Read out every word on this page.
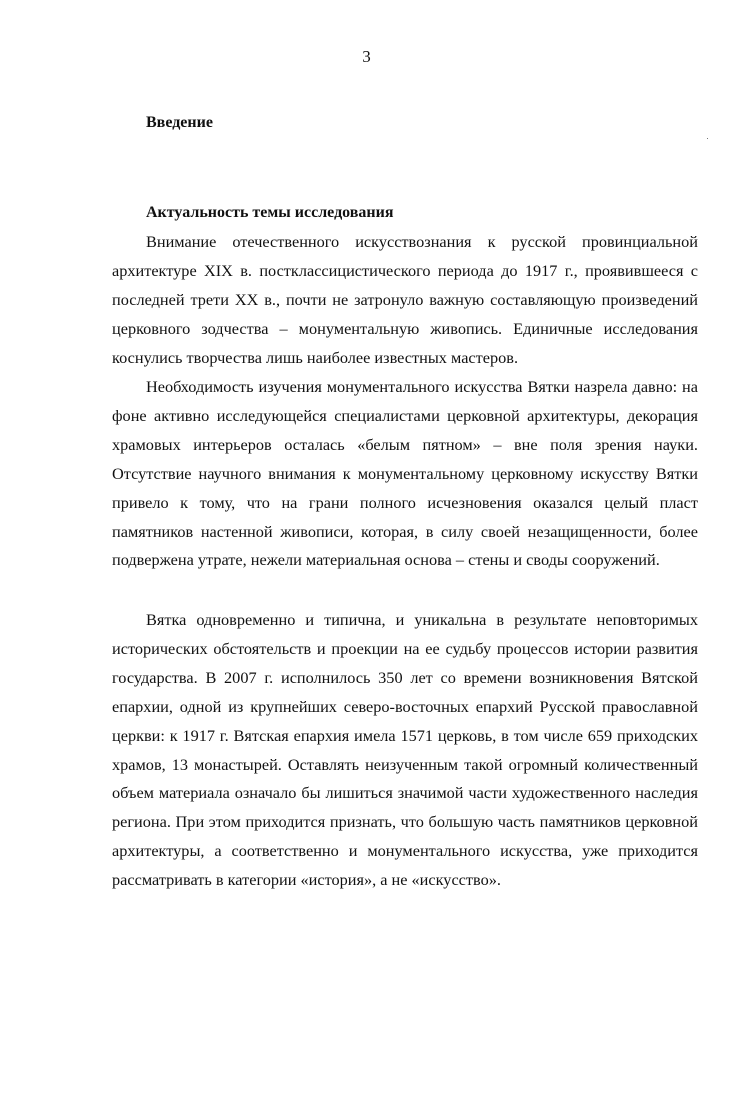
3
Введение
Актуальность темы исследования

Внимание отечественного искусствознания к русской провинциальной архитектуре XIX в. постклассицистического периода до 1917 г., проявившееся с последней трети XX в., почти не затронуло важную составляющую произведений церковного зодчества – монументальную живопись. Единичные исследования коснулись творчества лишь наиболее известных мастеров.

Необходимость изучения монументального искусства Вятки назрела давно: на фоне активно исследующейся специалистами церковной архитектуры, декорация храмовых интерьеров осталась «белым пятном» – вне поля зрения науки. Отсутствие научного внимания к монументальному церковному искусству Вятки привело к тому, что на грани полного исчезновения оказался целый пласт памятников настенной живописи, которая, в силу своей незащищенности, более подвержена утрате, нежели материальная основа – стены и своды сооружений.

Вятка одновременно и типична, и уникальна в результате неповторимых исторических обстоятельств и проекции на ее судьбу процессов истории развития государства. В 2007 г. исполнилось 350 лет со времени возникновения Вятской епархии, одной из крупнейших северо-восточных епархий Русской православной церкви: к 1917 г. Вятская епархия имела 1571 церковь, в том числе 659 приходских храмов, 13 монастырей. Оставлять неизученным такой огромный количественный объем материала означало бы лишиться значимой части художественного наследия региона. При этом приходится признать, что большую часть памятников церковной архитектуры, а соответственно и монументального искусства, уже приходится рассматривать в категории «история», а не «искусство».
